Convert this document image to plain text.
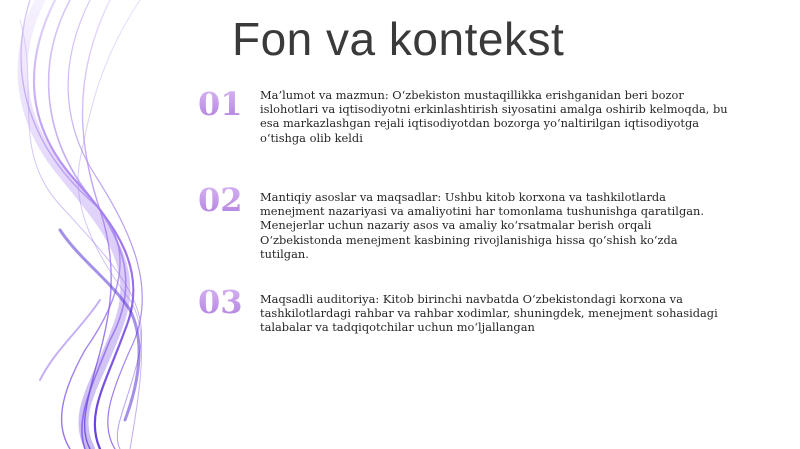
Fon va kontekst
01 Ma’lumot va mazmun: O‘zbekiston mustaqillikka erishganidan beri bozor islohotlari va iqtisodiyotni erkinlashtirish siyosatini amalga oshirib kelmoqda, bu esa markazlashgan rejali iqtisodiyotdan bozorga yo‘naltirilgan iqtisodiyotga o‘tishga olib keldi
02 Mantiqiy asoslar va maqsadlar: Ushbu kitob korxona va tashkilotlarda menejment nazariyasi va amaliyotini har tomonlama tushunishga qaratilgan. Menejerlar uchun nazariy asos va amaliy ko‘rsatmalar berish orqali O‘zbekistonda menejment kasbining rivojlanishiga hissa qo‘shish ko‘zda tutilgan.
03 Maqsadli auditoriya: Kitob birinchi navbatda O‘zbekistondagi korxona va tashkilotlardagi rahbar va rahbar xodimlar, shuningdek, menejment sohasidagi talabalar va tadqiqotchilar uchun mo‘ljallangan
